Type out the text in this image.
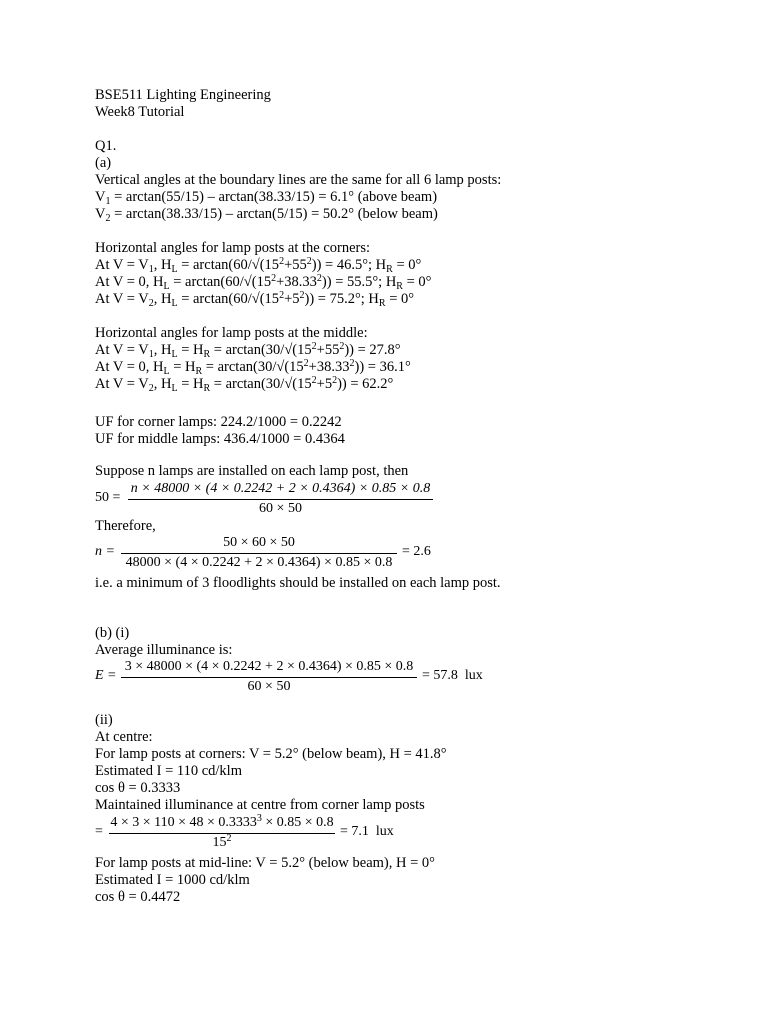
BSE511 Lighting Engineering
Week8 Tutorial
Q1.
(a)
Vertical angles at the boundary lines are the same for all 6 lamp posts:
$V_1 = \arctan(55/15) - \arctan(38.33/15) = 6.1^\circ$ (above beam)
$V_2 = \arctan(38.33/15) - \arctan(5/15) = 50.2^\circ$ (below beam)
Horizontal angles for lamp posts at the corners:
At $V = V_1$, $H_L = \arctan(60/√(15^2+55^2)) = 46.5^\circ$; $H_R = 0^\circ$
At V = 0, $H_L = \arctan(60/√(15^2+38.33^2)) = 55.5^\circ$; $H_R = 0^\circ$
At $V = V_2$, $H_L = \arctan(60/√(15^2+5^2)) = 75.2^\circ$; $H_R = 0^\circ$
Horizontal angles for lamp posts at the middle:
At $V = V_1$, $H_L = H_R = \arctan(30/√(15^2+55^2)) = 27.8^\circ$
At V = 0, $H_L = H_R = \arctan(30/√(15^2+38.33^2)) = 36.1^\circ$
At $V = V_2$, $H_L = H_R = \arctan(30/√(15^2+5^2)) = 62.2^\circ$
UF for corner lamps: 224.2/1000 = 0.2242
UF for middle lamps: 436.4/1000 = 0.4364
Suppose n lamps are installed on each lamp post, then
50 =
n × 48000 × (4 × 0.2242 + 2 × 0.4364) × 0.85 × 0.8
60 × 50
Therefore,
n =
50 × 60 × 50
48000 × (4 × 0.2242 + 2 × 0.4364) × 0.85 × 0.8
= 2.6
i.e. a minimum of 3 floodlights should be installed on each lamp post.
(b) (i)
Average illuminance is:
E =
3 × 48000 × (4 × 0.2242 + 2 × 0.4364) × 0.85 × 0.8
60 × 50
= 57.8  lux
(ii)
At centre:
For lamp posts at corners: V = 5.2° (below beam), H = 41.8°
Estimated I = 110 cd/klm
cos θ = 0.3333
Maintained illuminance at centre from corner lamp posts
=
$4 \times 3 \times 110 \times 48 \times 0.3333^3 \times 0.85 \times 0.8$
$15^2$	= 7.1  lux
For lamp posts at mid-line: V = 5.2° (below beam), H = 0°
Estimated I = 1000 cd/klm
cos θ = 0.4472
